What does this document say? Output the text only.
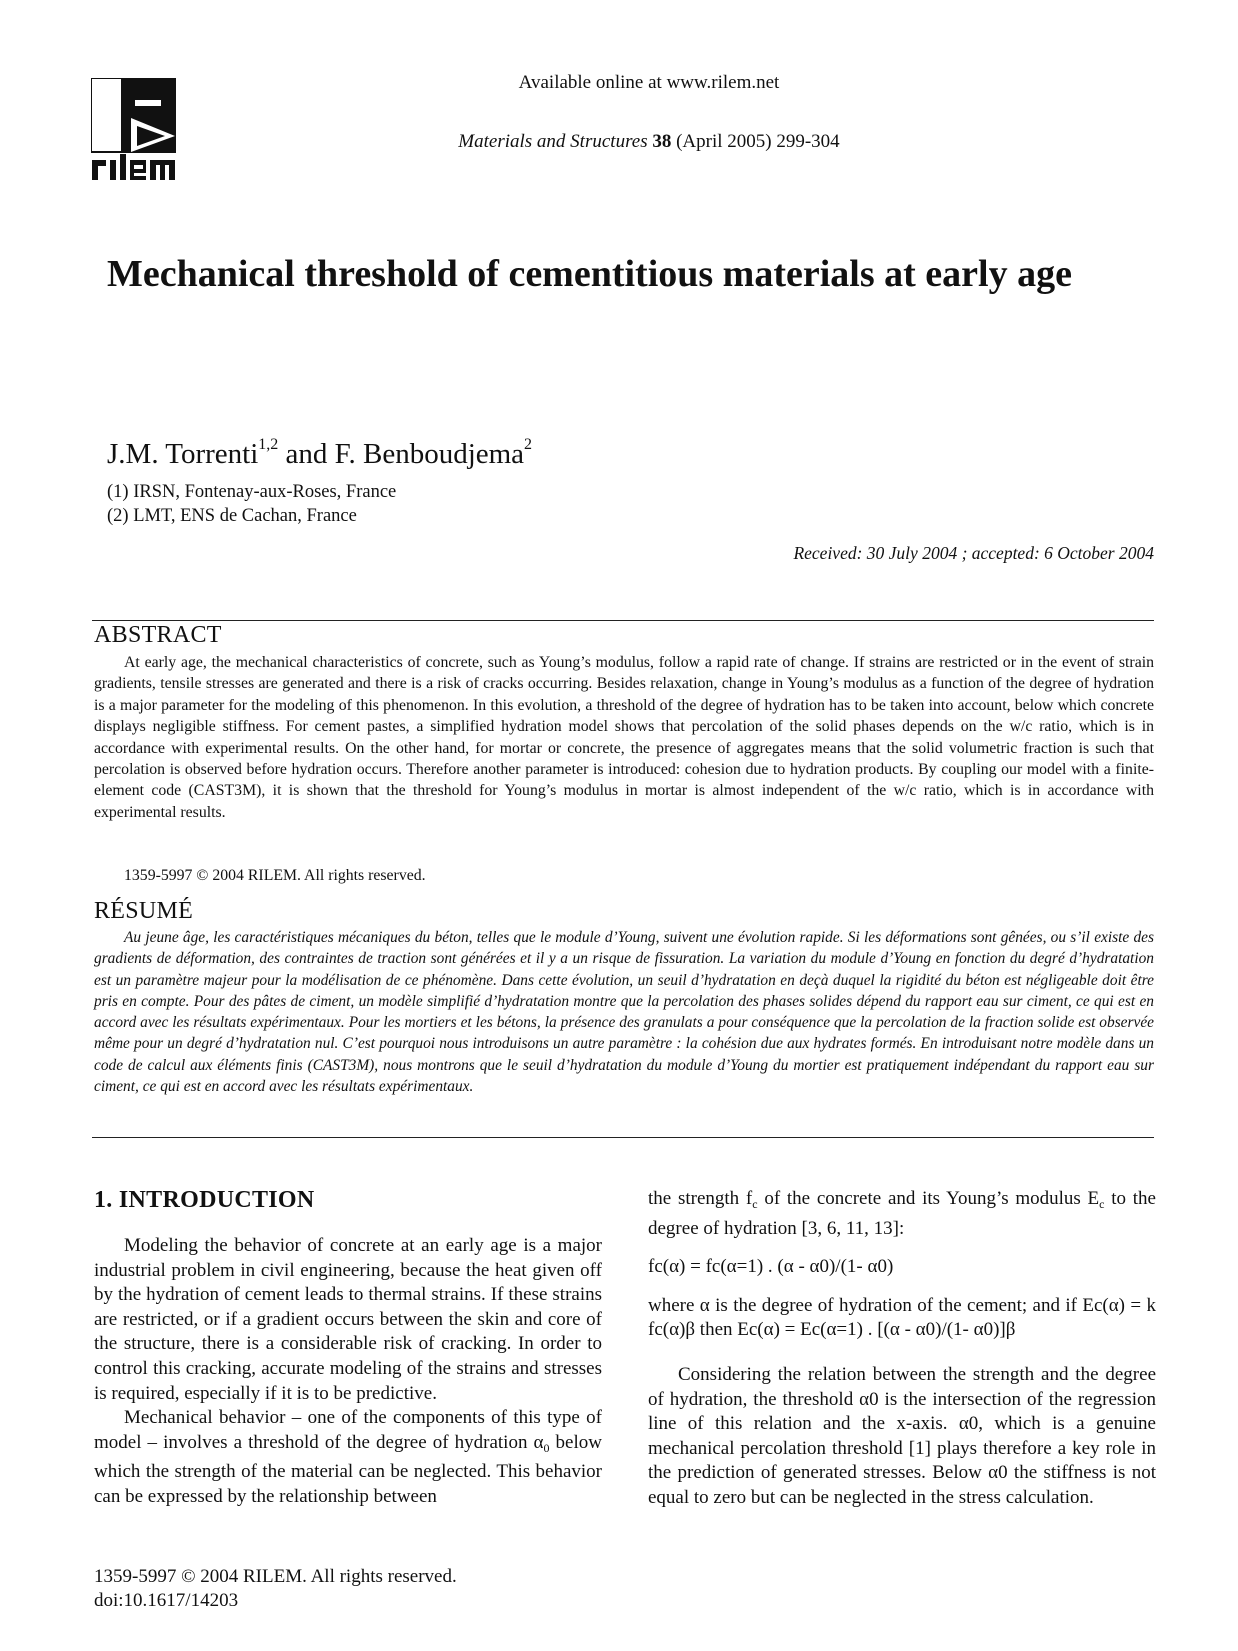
Available online at www.rilem.net
Materials and Structures 38 (April 2005) 299-304
Mechanical threshold of cementitious materials at early age
J.M. Torrenti$^{1,2}$ and F. Benboudjema$^2$
(1) IRSN, Fontenay-aux-Roses, France
(2) LMT, ENS de Cachan, France
Received: 30 July 2004 ; accepted: 6 October 2004
ABSTRACT
At early age, the mechanical characteristics of concrete, such as Young’s modulus, follow a rapid rate of change. If strains are restricted or in the event of strain gradients, tensile stresses are generated and there is a risk of cracks occurring. Besides relaxation, change in Young’s modulus as a function of the degree of hydration is a major parameter for the modeling of this phenomenon. In this evolution, a threshold of the degree of hydration has to be taken into account, below which concrete displays negligible stiffness. For cement pastes, a simplified hydration model shows that percolation of the solid phases depends on the w/c ratio, which is in accordance with experimental results. On the other hand, for mortar or concrete, the presence of aggregates means that the solid volumetric fraction is such that percolation is observed before hydration occurs. Therefore another parameter is introduced: cohesion due to hydration products. By coupling our model with a finite-element code (CAST3M), it is shown that the threshold for Young’s modulus in mortar is almost independent of the w/c ratio, which is in accordance with experimental results.
1359-5997 © 2004 RILEM. All rights reserved.
RÉSUMÉ
Au jeune âge, les caractéristiques mécaniques du béton, telles que le module d’Young, suivent une évolution rapide. Si les déformations sont gênées, ou s’il existe des gradients de déformation, des contraintes de traction sont générées et il y a un risque de fissuration. La variation du module d’Young en fonction du degré d’hydratation est un paramètre majeur pour la modélisation de ce phénomène. Dans cette évolution, un seuil d’hydratation en deçà duquel la rigidité du béton est négligeable doit être pris en compte. Pour des pâtes de ciment, un modèle simplifié d’hydratation montre que la percolation des phases solides dépend du rapport eau sur ciment, ce qui est en accord avec les résultats expérimentaux. Pour les mortiers et les bétons, la présence des granulats a pour conséquence que la percolation de la fraction solide est observée même pour un degré d’hydratation nul. C’est pourquoi nous introduisons un autre paramètre : la cohésion due aux hydrates formés. En introduisant notre modèle dans un code de calcul aux éléments finis (CAST3M), nous montrons que le seuil d’hydratation du module d’Young du mortier est pratiquement indépendant du rapport eau sur ciment, ce qui est en accord avec les résultats expérimentaux.
1. INTRODUCTION

Modeling the behavior of concrete at an early age is a major industrial problem in civil engineering, because the heat given off by the hydration of cement leads to thermal strains. If these strains are restricted, or if a gradient occurs between the skin and core of the structure, there is a considerable risk of cracking. In order to control this cracking, accurate modeling of the strains and stresses is required, especially if it is to be predictive.

Mechanical behavior – one of the components of this type of model – involves a threshold of the degree of hydration $\alpha_0$ below which the strength of the material can be neglected. This behavior can be expressed by the relationship between

the strength $f_c$ of the concrete and its Young’s modulus $E_c$ to the degree of hydration [3, 6, 11, 13]:

fc(α) = fc(α=1) . (α - α0)/(1- α0)

where α is the degree of hydration of the cement; and if Ec(α) = k fc(α)β then Ec(α) = Ec(α=1) . [(α - α0)/(1- α0)]β

Considering the relation between the strength and the degree of hydration, the threshold α0 is the intersection of the regression line of this relation and the x-axis. α0, which is a genuine mechanical percolation threshold [1] plays therefore a key role in the prediction of generated stresses. Below α0 the stiffness is not equal to zero but can be neglected in the stress calculation.

1359-5997 © 2004 RILEM. All rights reserved.
doi:10.1617/14203
